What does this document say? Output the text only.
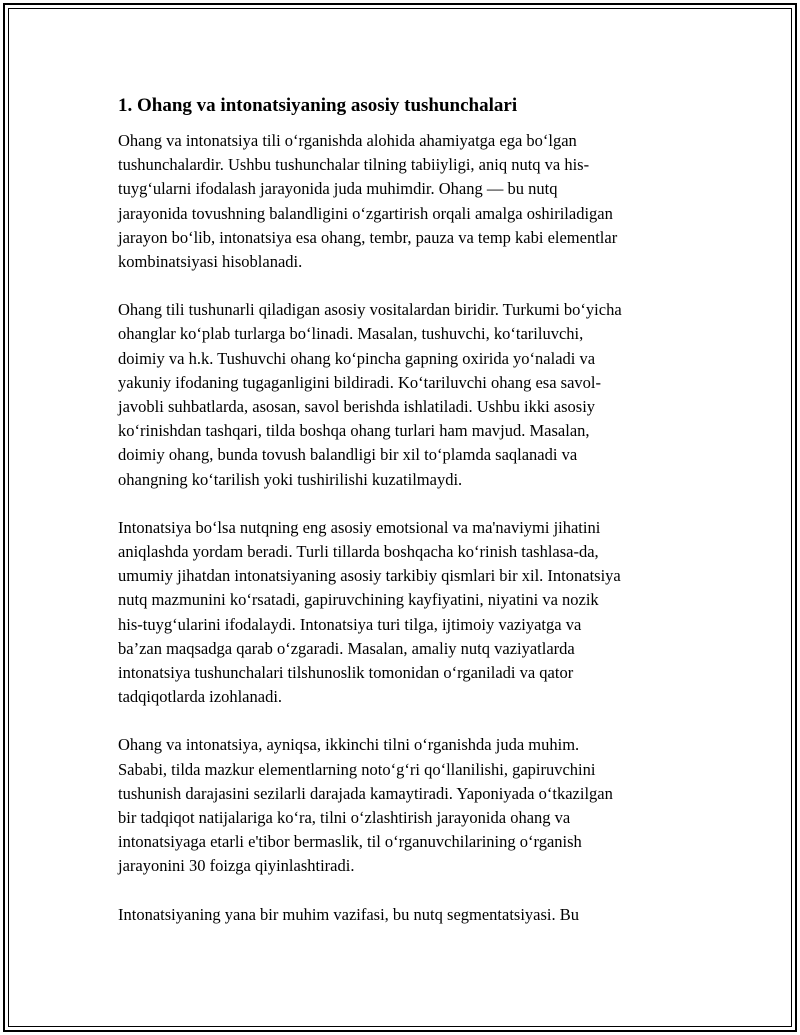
1. Ohang va intonatsiyaning asosiy tushunchalari

Ohang va intonatsiya tili o‘rganishda alohida ahamiyatga ega bo‘lgan
tushunchalardir. Ushbu tushunchalar tilning tabiiyligi, aniq nutq va his-
tuyg‘ularni ifodalash jarayonida juda muhimdir. Ohang — bu nutq
jarayonida tovushning balandligini o‘zgartirish orqali amalga oshiriladigan
jarayon bo‘lib, intonatsiya esa ohang, tembr, pauza va temp kabi elementlar
kombinatsiyasi hisoblanadi.

Ohang tili tushunarli qiladigan asosiy vositalardan biridir. Turkumi bo‘yicha
ohanglar ko‘plab turlarga bo‘linadi. Masalan, tushuvchi, ko‘tariluvchi,
doimiy va h.k. Tushuvchi ohang ko‘pincha gapning oxirida yo‘naladi va
yakuniy ifodaning tugaganligini bildiradi. Ko‘tariluvchi ohang esa savol-
javobli suhbatlarda, asosan, savol berishda ishlatiladi. Ushbu ikki asosiy
ko‘rinishdan tashqari, tilda boshqa ohang turlari ham mavjud. Masalan,
doimiy ohang, bunda tovush balandligi bir xil to‘plamda saqlanadi va
ohangning ko‘tarilish yoki tushirilishi kuzatilmaydi.

Intonatsiya bo‘lsa nutqning eng asosiy emotsional va ma'naviymi jihatini
aniqlashda yordam beradi. Turli tillarda boshqacha ko‘rinish tashlasa-da,
umumiy jihatdan intonatsiyaning asosiy tarkibiy qismlari bir xil. Intonatsiya
nutq mazmunini ko‘rsatadi, gapiruvchining kayfiyatini, niyatini va nozik
his-tuyg‘ularini ifodalaydi. Intonatsiya turi tilga, ijtimoiy vaziyatga va
ba’zan maqsadga qarab o‘zgaradi. Masalan, amaliy nutq vaziyatlarda
intonatsiya tushunchalari tilshunoslik tomonidan o‘rganiladi va qator
tadqiqotlarda izohlanadi.

Ohang va intonatsiya, ayniqsa, ikkinchi tilni o‘rganishda juda muhim.
Sababi, tilda mazkur elementlarning noto‘g‘ri qo‘llanilishi, gapiruvchini
tushunish darajasini sezilarli darajada kamaytiradi. Yaponiyada o‘tkazilgan
bir tadqiqot natijalariga ko‘ra, tilni o‘zlashtirish jarayonida ohang va
intonatsiyaga etarli e'tibor bermaslik, til o‘rganuvchilarining o‘rganish
jarayonini 30 foizga qiyinlashtiradi.

Intonatsiyaning yana bir muhim vazifasi, bu nutq segmentatsiyasi. Bu
